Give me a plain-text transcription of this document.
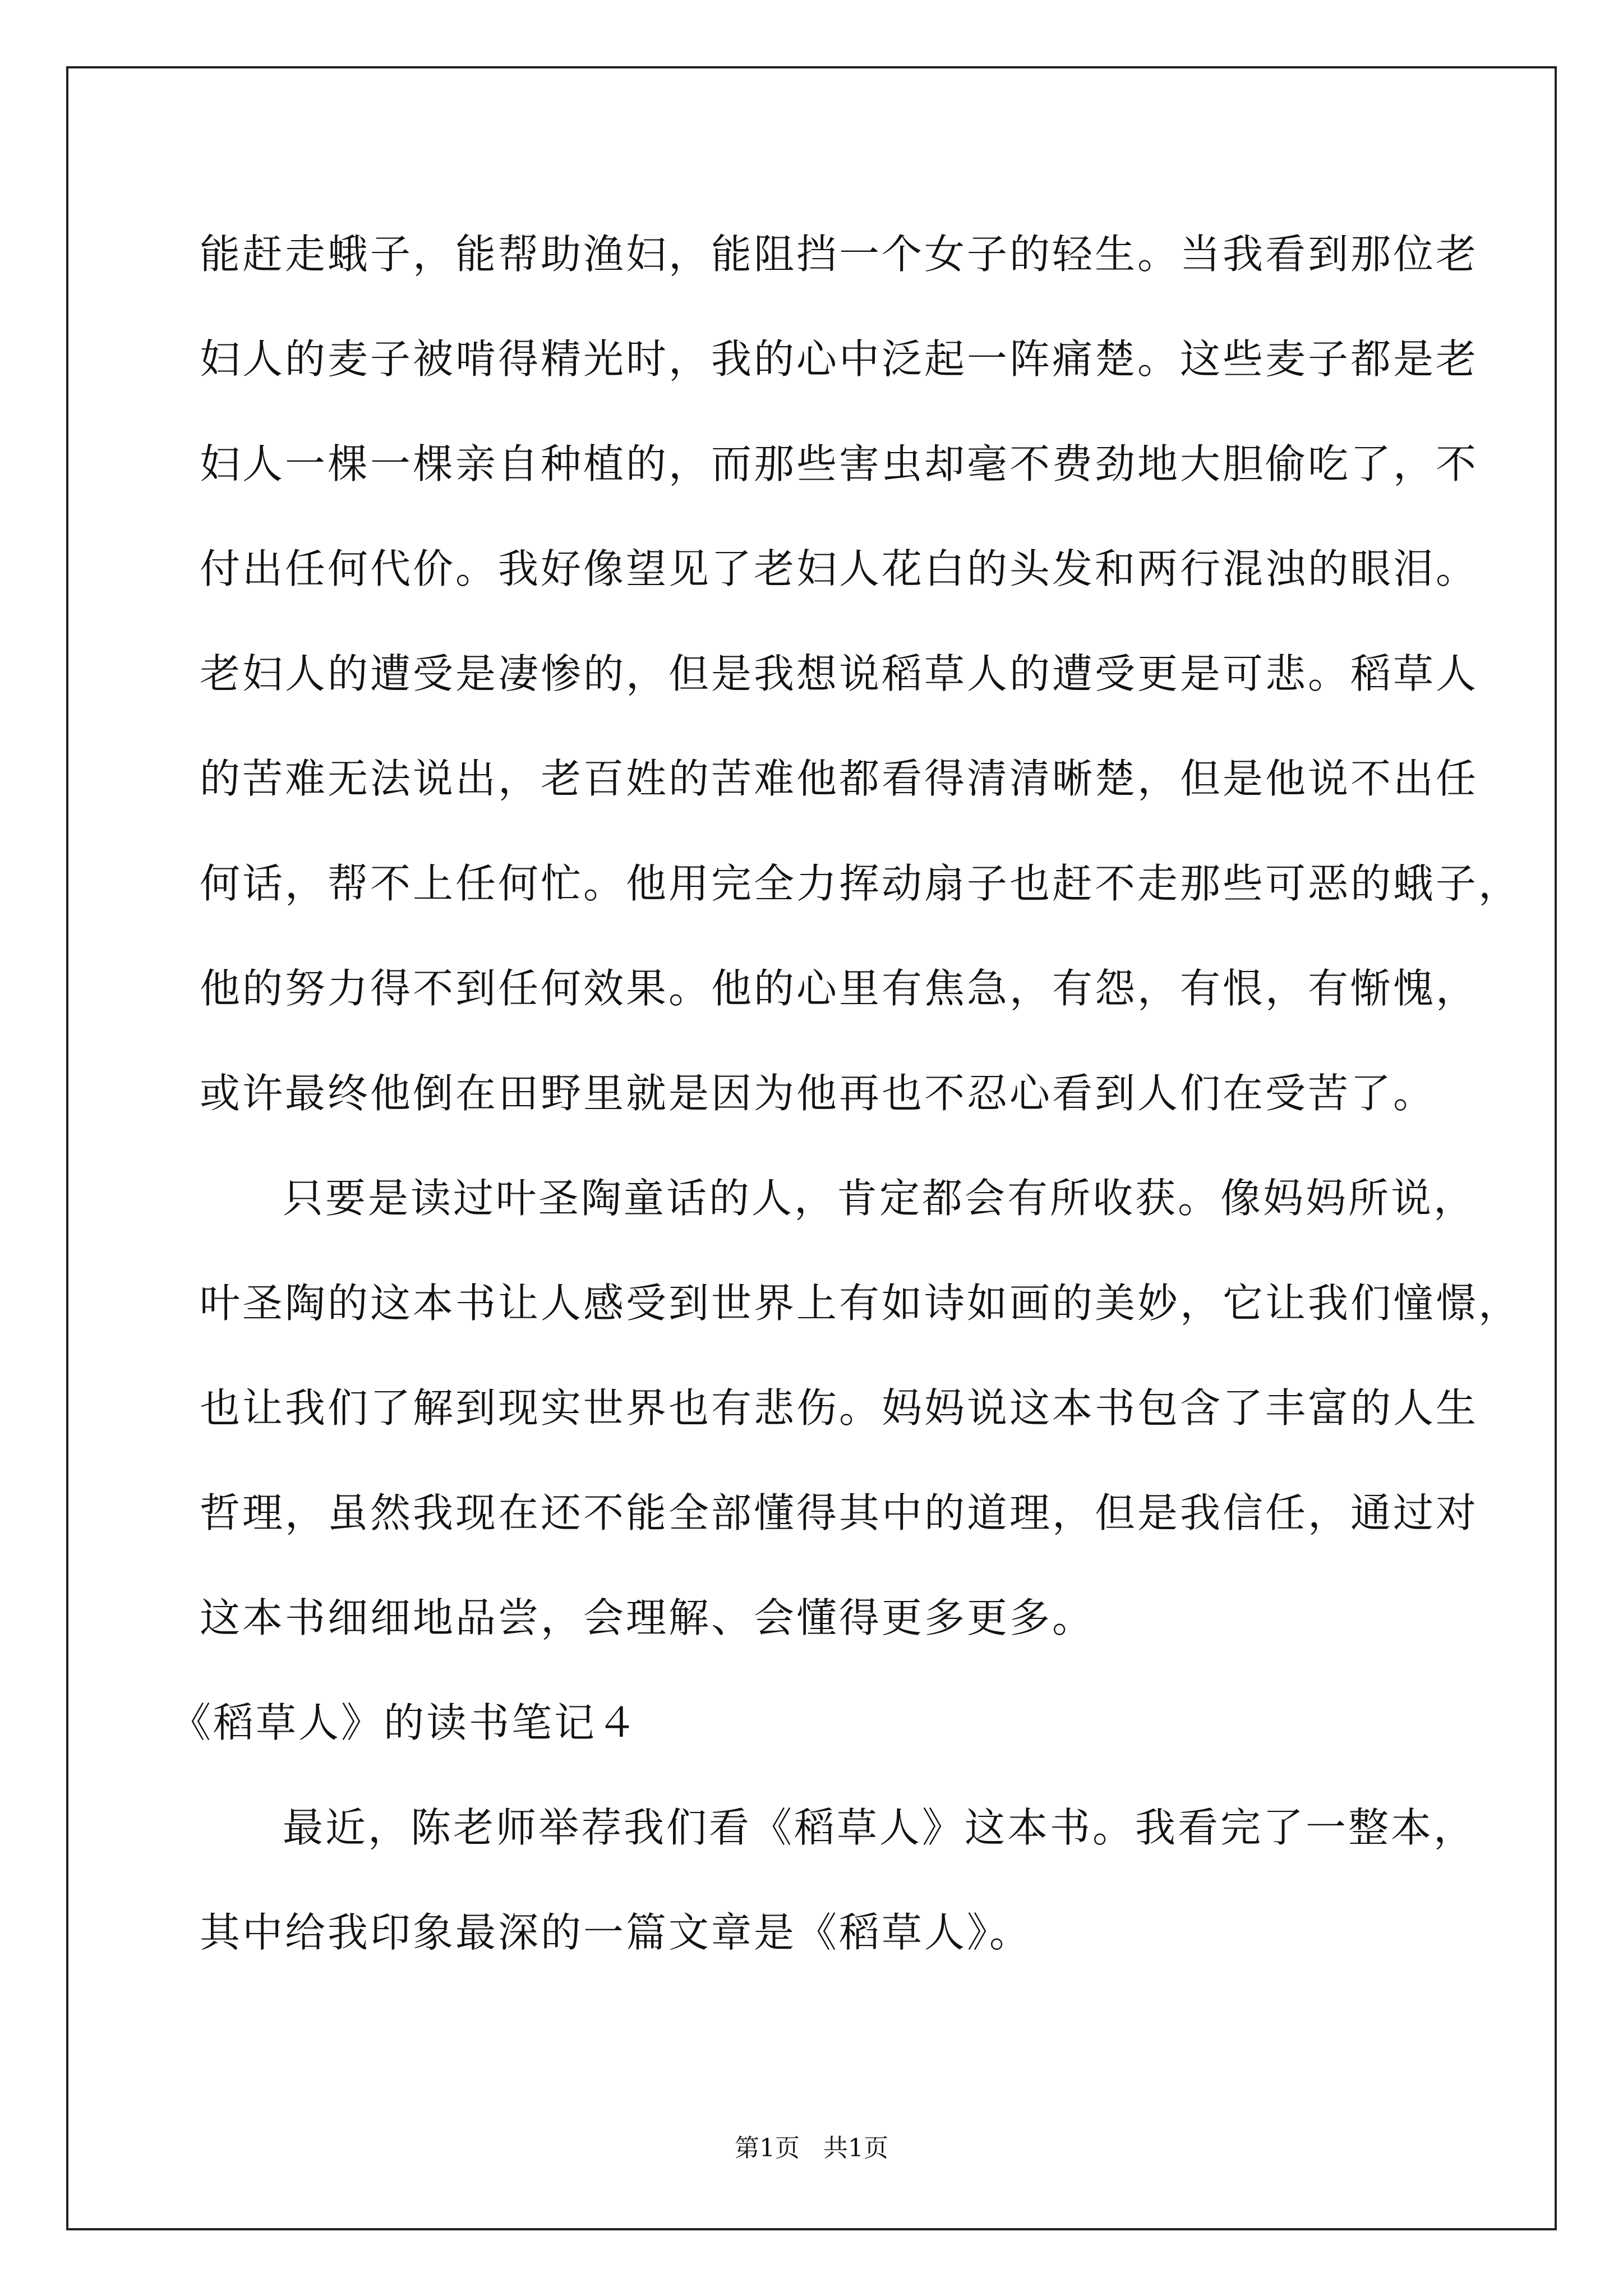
能赶走蛾子，能帮助渔妇，能阻挡一个女子的轻生。当我看到那位老
妇人的麦子被啃得精光时，我的心中泛起一阵痛楚。这些麦子都是老
妇人一棵一棵亲自种植的，而那些害虫却毫不费劲地大胆偷吃了，不
付出任何代价。我好像望见了老妇人花白的头发和两行混浊的眼泪。
老妇人的遭受是凄惨的，但是我想说稻草人的遭受更是可悲。稻草人
的苦难无法说出，老百姓的苦难他都看得清清晰楚，但是他说不出任
何话，帮不上任何忙。他用完全力挥动扇子也赶不走那些可恶的蛾子，
他的努力得不到任何效果。他的心里有焦急，有怨，有恨，有惭愧，
或许最终他倒在田野里就是因为他再也不忍心看到人们在受苦了。
只要是读过叶圣陶童话的人，肯定都会有所收获。像妈妈所说，
叶圣陶的这本书让人感受到世界上有如诗如画的美妙，它让我们憧憬，
也让我们了解到现实世界也有悲伤。妈妈说这本书包含了丰富的人生
哲理，虽然我现在还不能全部懂得其中的道理，但是我信任，通过对
这本书细细地品尝，会理解、会懂得更多更多。
《稻草人》的读书笔记４
最近，陈老师举荐我们看《稻草人》这本书。我看完了一整本，
其中给我印象最深的一篇文章是《稻草人》。
第1页   共1页
